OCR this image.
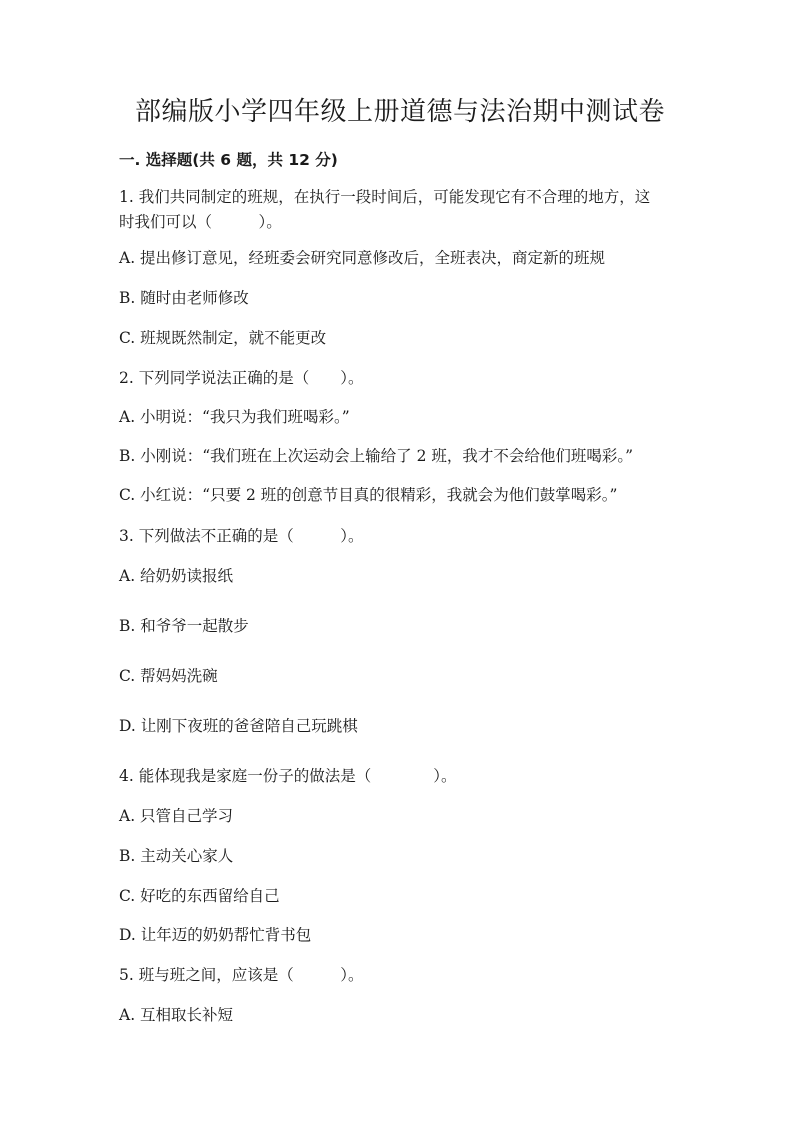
部编版小学四年级上册道德与法治期中测试卷
一. 选择题(共 6 题，共 12 分)
1. 我们共同制定的班规，在执行一段时间后，可能发现它有不合理的地方，这
时我们可以（　　　）。
A. 提出修订意见，经班委会研究同意修改后，全班表决，商定新的班规
B. 随时由老师修改
C. 班规既然制定，就不能更改
2. 下列同学说法正确的是（　　）。
A. 小明说：“我只为我们班喝彩。”
B. 小刚说：“我们班在上次运动会上输给了 2 班，我才不会给他们班喝彩。”
C. 小红说：“只要 2 班的创意节目真的很精彩，我就会为他们鼓掌喝彩。”
3. 下列做法不正确的是（　　　）。
A. 给奶奶读报纸
B. 和爷爷一起散步
C. 帮妈妈洗碗
D. 让刚下夜班的爸爸陪自己玩跳棋
4. 能体现我是家庭一份子的做法是（　　　　）。
A. 只管自己学习
B. 主动关心家人
C. 好吃的东西留给自己
D. 让年迈的奶奶帮忙背书包
5. 班与班之间，应该是（　　　）。
A. 互相取长补短
